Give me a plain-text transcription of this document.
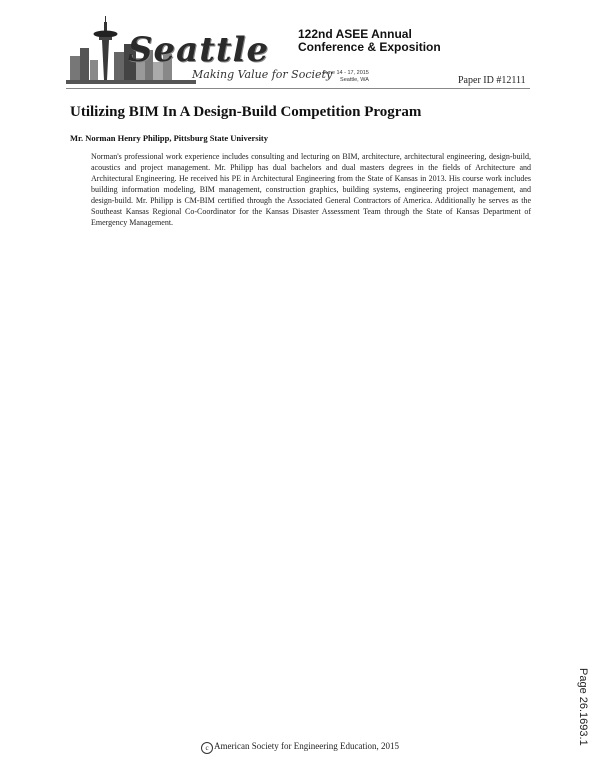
Seattle
Making Value for Society
122nd ASEE Annual
Conference & Exposition
June 14 - 17, 2015
Seattle, WA	Paper ID #12111
Utilizing BIM In A Design-Build Competition Program

Mr. Norman Henry Philipp, Pittsburg State University

Norman's professional work experience includes consulting and lecturing on BIM, architecture, architectural engineering, design-build, acoustics and project management. Mr. Philipp has dual bachelors and dual masters degrees in the fields of Architecture and Architectural Engineering. He received his PE in Architectural Engineering from the State of Kansas in 2013. His course work includes building information modeling, BIM management, construction graphics, building systems, engineering project management, and design-build. Mr. Philipp is CM-BIM certified through the Associated General Contractors of America. Additionally he serves as the Southeast Kansas Regional Co-Coordinator for the Kansas Disaster Assessment Team through the State of Kansas Department of Emergency Management.

Page 26.1693.1
c American Society for Engineering Education, 2015
